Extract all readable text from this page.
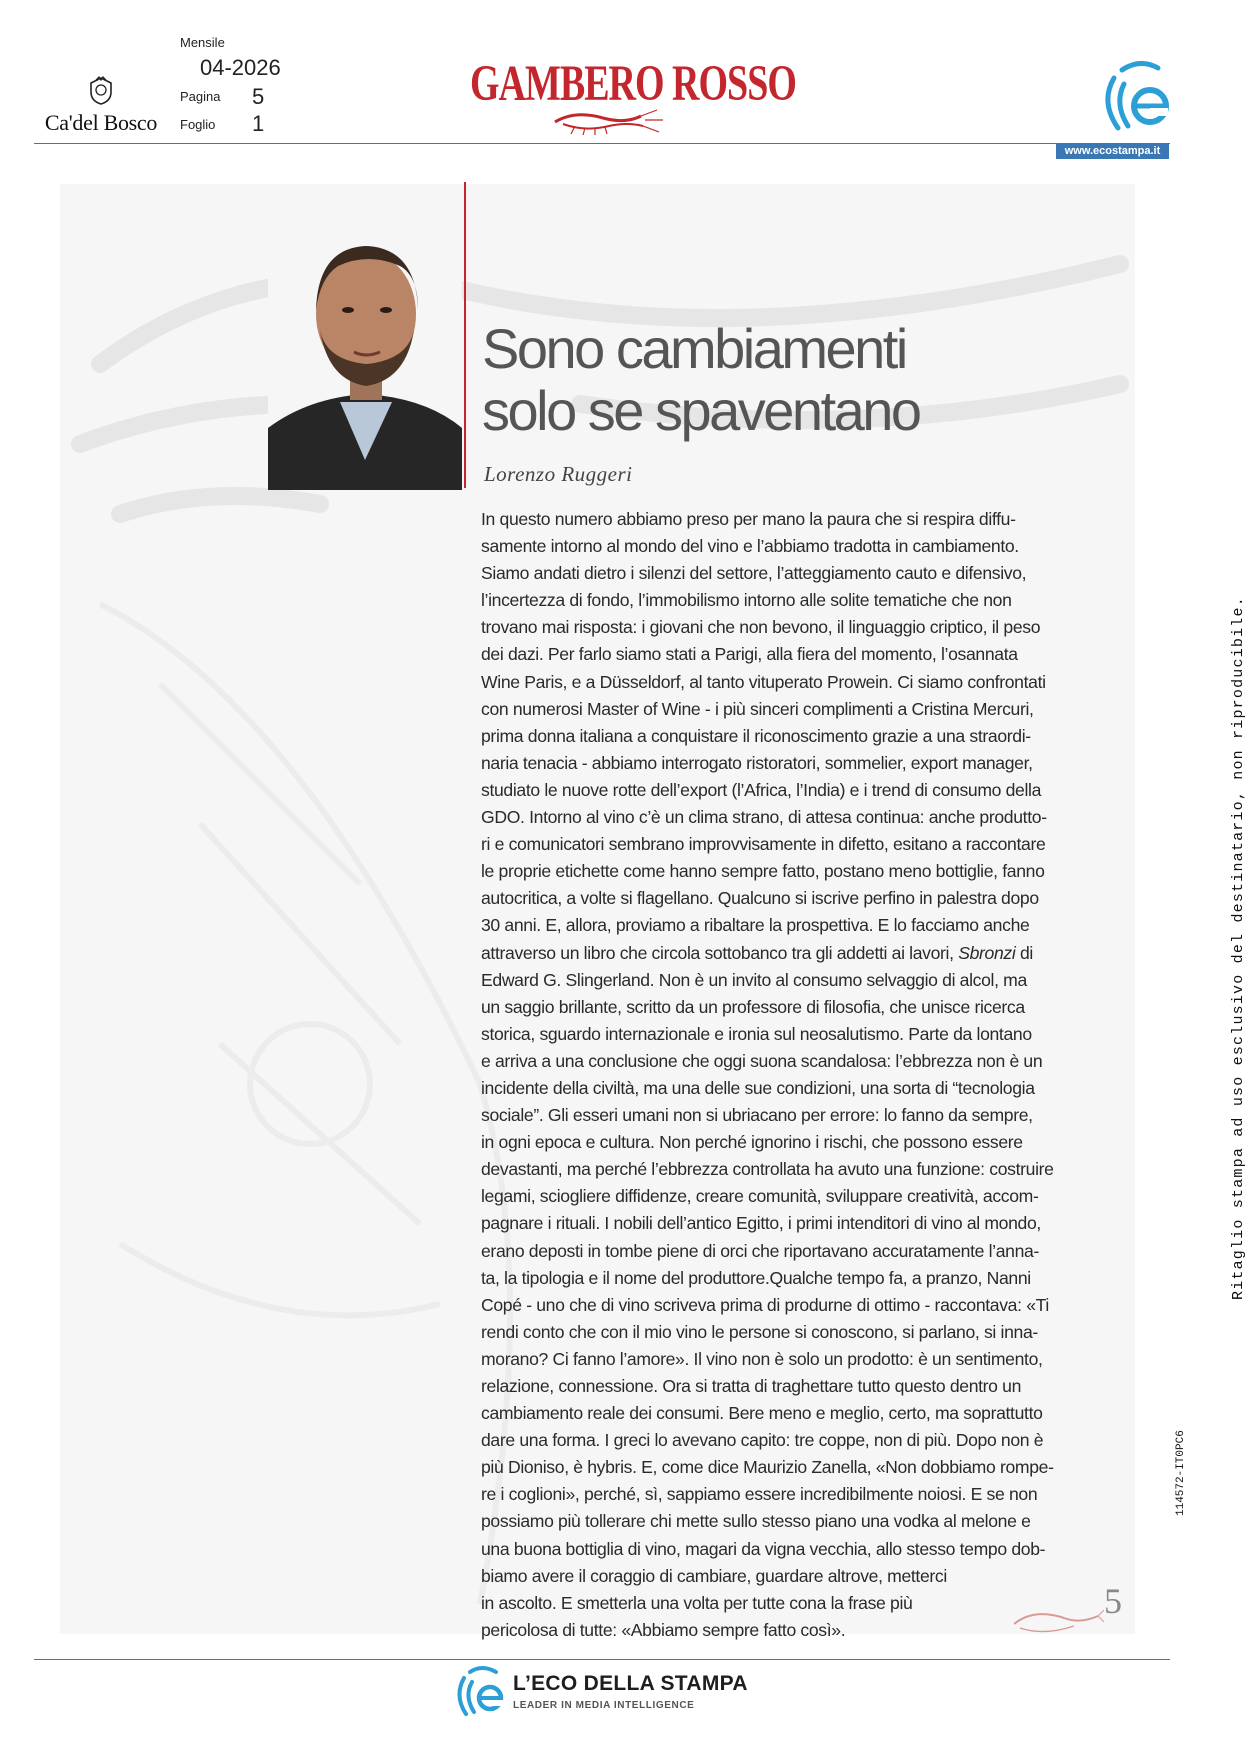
Mensile
04-2026
Pagina 5
Foglio 1
Ca'del Bosco
GAMBERO ROSSO
www.ecostampa.it
Sono cambiamenti
solo se spaventano
Lorenzo Ruggeri
In questo numero abbiamo preso per mano la paura che si respira diffu-
samente intorno al mondo del vino e l’abbiamo tradotta in cambiamento.
Siamo andati dietro i silenzi del settore, l’atteggiamento cauto e difensivo,
l’incertezza di fondo, l’immobilismo intorno alle solite tematiche che non
trovano mai risposta: i giovani che non bevono, il linguaggio criptico, il peso
dei dazi. Per farlo siamo stati a Parigi, alla fiera del momento, l’osannata
Wine Paris, e a Düsseldorf, al tanto vituperato Prowein. Ci siamo confrontati
con numerosi Master of Wine - i più sinceri complimenti a Cristina Mercuri,
prima donna italiana a conquistare il riconoscimento grazie a una straordi-
naria tenacia - abbiamo interrogato ristoratori, sommelier, export manager,
studiato le nuove rotte dell’export (l’Africa, l’India) e i trend di consumo della
GDO. Intorno al vino c’è un clima strano, di attesa continua: anche produtto-
ri e comunicatori sembrano improvvisamente in difetto, esitano a raccontare
le proprie etichette come hanno sempre fatto, postano meno bottiglie, fanno
autocritica, a volte si flagellano. Qualcuno si iscrive perfino in palestra dopo
30 anni. E, allora, proviamo a ribaltare la prospettiva. E lo facciamo anche
attraverso un libro che circola sottobanco tra gli addetti ai lavori, Sbronzi di
Edward G. Slingerland. Non è un invito al consumo selvaggio di alcol, ma
un saggio brillante, scritto da un professore di filosofia, che unisce ricerca
storica, sguardo internazionale e ironia sul neosalutismo. Parte da lontano
e arriva a una conclusione che oggi suona scandalosa: l’ebbrezza non è un
incidente della civiltà, ma una delle sue condizioni, una sorta di “tecnologia
sociale”. Gli esseri umani non si ubriacano per errore: lo fanno da sempre,
in ogni epoca e cultura. Non perché ignorino i rischi, che possono essere
devastanti, ma perché l’ebbrezza controllata ha avuto una funzione: costruire
legami, sciogliere diffidenze, creare comunità, sviluppare creatività, accom-
pagnare i rituali. I nobili dell’antico Egitto, i primi intenditori di vino al mondo,
erano deposti in tombe piene di orci che riportavano accuratamente l’anna-
ta, la tipologia e il nome del produttore.Qualche tempo fa, a pranzo, Nanni
Copé - uno che di vino scriveva prima di produrne di ottimo - raccontava: «Ti
rendi conto che con il mio vino le persone si conoscono, si parlano, si inna-
morano? Ci fanno l’amore». Il vino non è solo un prodotto: è un sentimento,
relazione, connessione. Ora si tratta di traghettare tutto questo dentro un
cambiamento reale dei consumi. Bere meno e meglio, certo, ma soprattutto
dare una forma. I greci lo avevano capito: tre coppe, non di più. Dopo non è
più Dioniso, è hybris. E, come dice Maurizio Zanella, «Non dobbiamo rompe-
re i coglioni», perché, sì, sappiamo essere incredibilmente noiosi. E se non
possiamo più tollerare chi mette sullo stesso piano una vodka al melone e
una buona bottiglia di vino, magari da vigna vecchia, allo stesso tempo dob-
biamo avere il coraggio di cambiare, guardare altrove, metterci
in ascolto. E smetterla una volta per tutte cona la frase più
pericolosa di tutte: «Abbiamo sempre fatto così».
5
Ritaglio stampa ad uso esclusivo del destinatario, non riproducibile.
114572-IT0PC6
L’ECO DELLA STAMPA
LEADER IN MEDIA INTELLIGENCE
